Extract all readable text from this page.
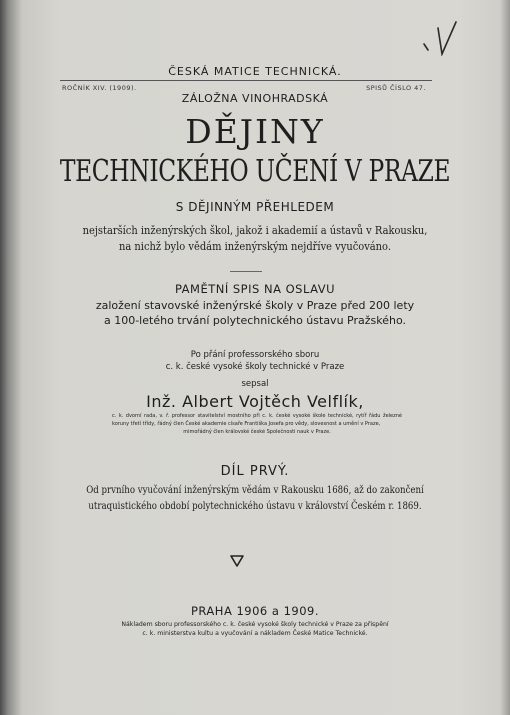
ČESKÁ MATICE TECHNICKÁ.
ROČNÍK XIV. (1909).	SPISŮ ČÍSLO 47.
ZÁLOŽNA VINOHRADSKÁ
DĚJINY
TECHNICKÉHO UČENÍ V PRAZE
S DĚJINNÝM PŘEHLEDEM
nejstarších inženýrských škol, jakož i akademií a ústavů v Rakousku,
na nichž bylo vědám inženýrským nejdříve vyučováno.
PAMĚTNÍ SPIS NA OSLAVU
založení stavovské inženýrské školy v Praze před 200 lety
a 100-letého trvání polytechnického ústavu Pražského.
Po přání professorského sboru
c. k. české vysoké školy technické v Praze
sepsal
Inž. Albert Vojtěch Velflík,
c. k. dvorní rada, v. ř. professor stavitelství mostního při c. k. české vysoké škole technické, rytíř řádu železné koruny třetí třídy, řádný člen České akademie císaře Františka Josefa pro vědy, slovesnost a umění v Praze,
mimořádný člen královské české Společnosti nauk v Praze.
DÍL PRVÝ.
Od prvního vyučování inženýrským vědám v Rakousku 1686, až do zakončení
utraquistického období polytechnického ústavu v království Českém r. 1869.
PRAHA 1906 a 1909.
Nákladem sboru professorského c. k. české vysoké školy technické v Praze za přispění
c. k. ministerstva kultu a vyučování a nákladem České Matice Technické.
